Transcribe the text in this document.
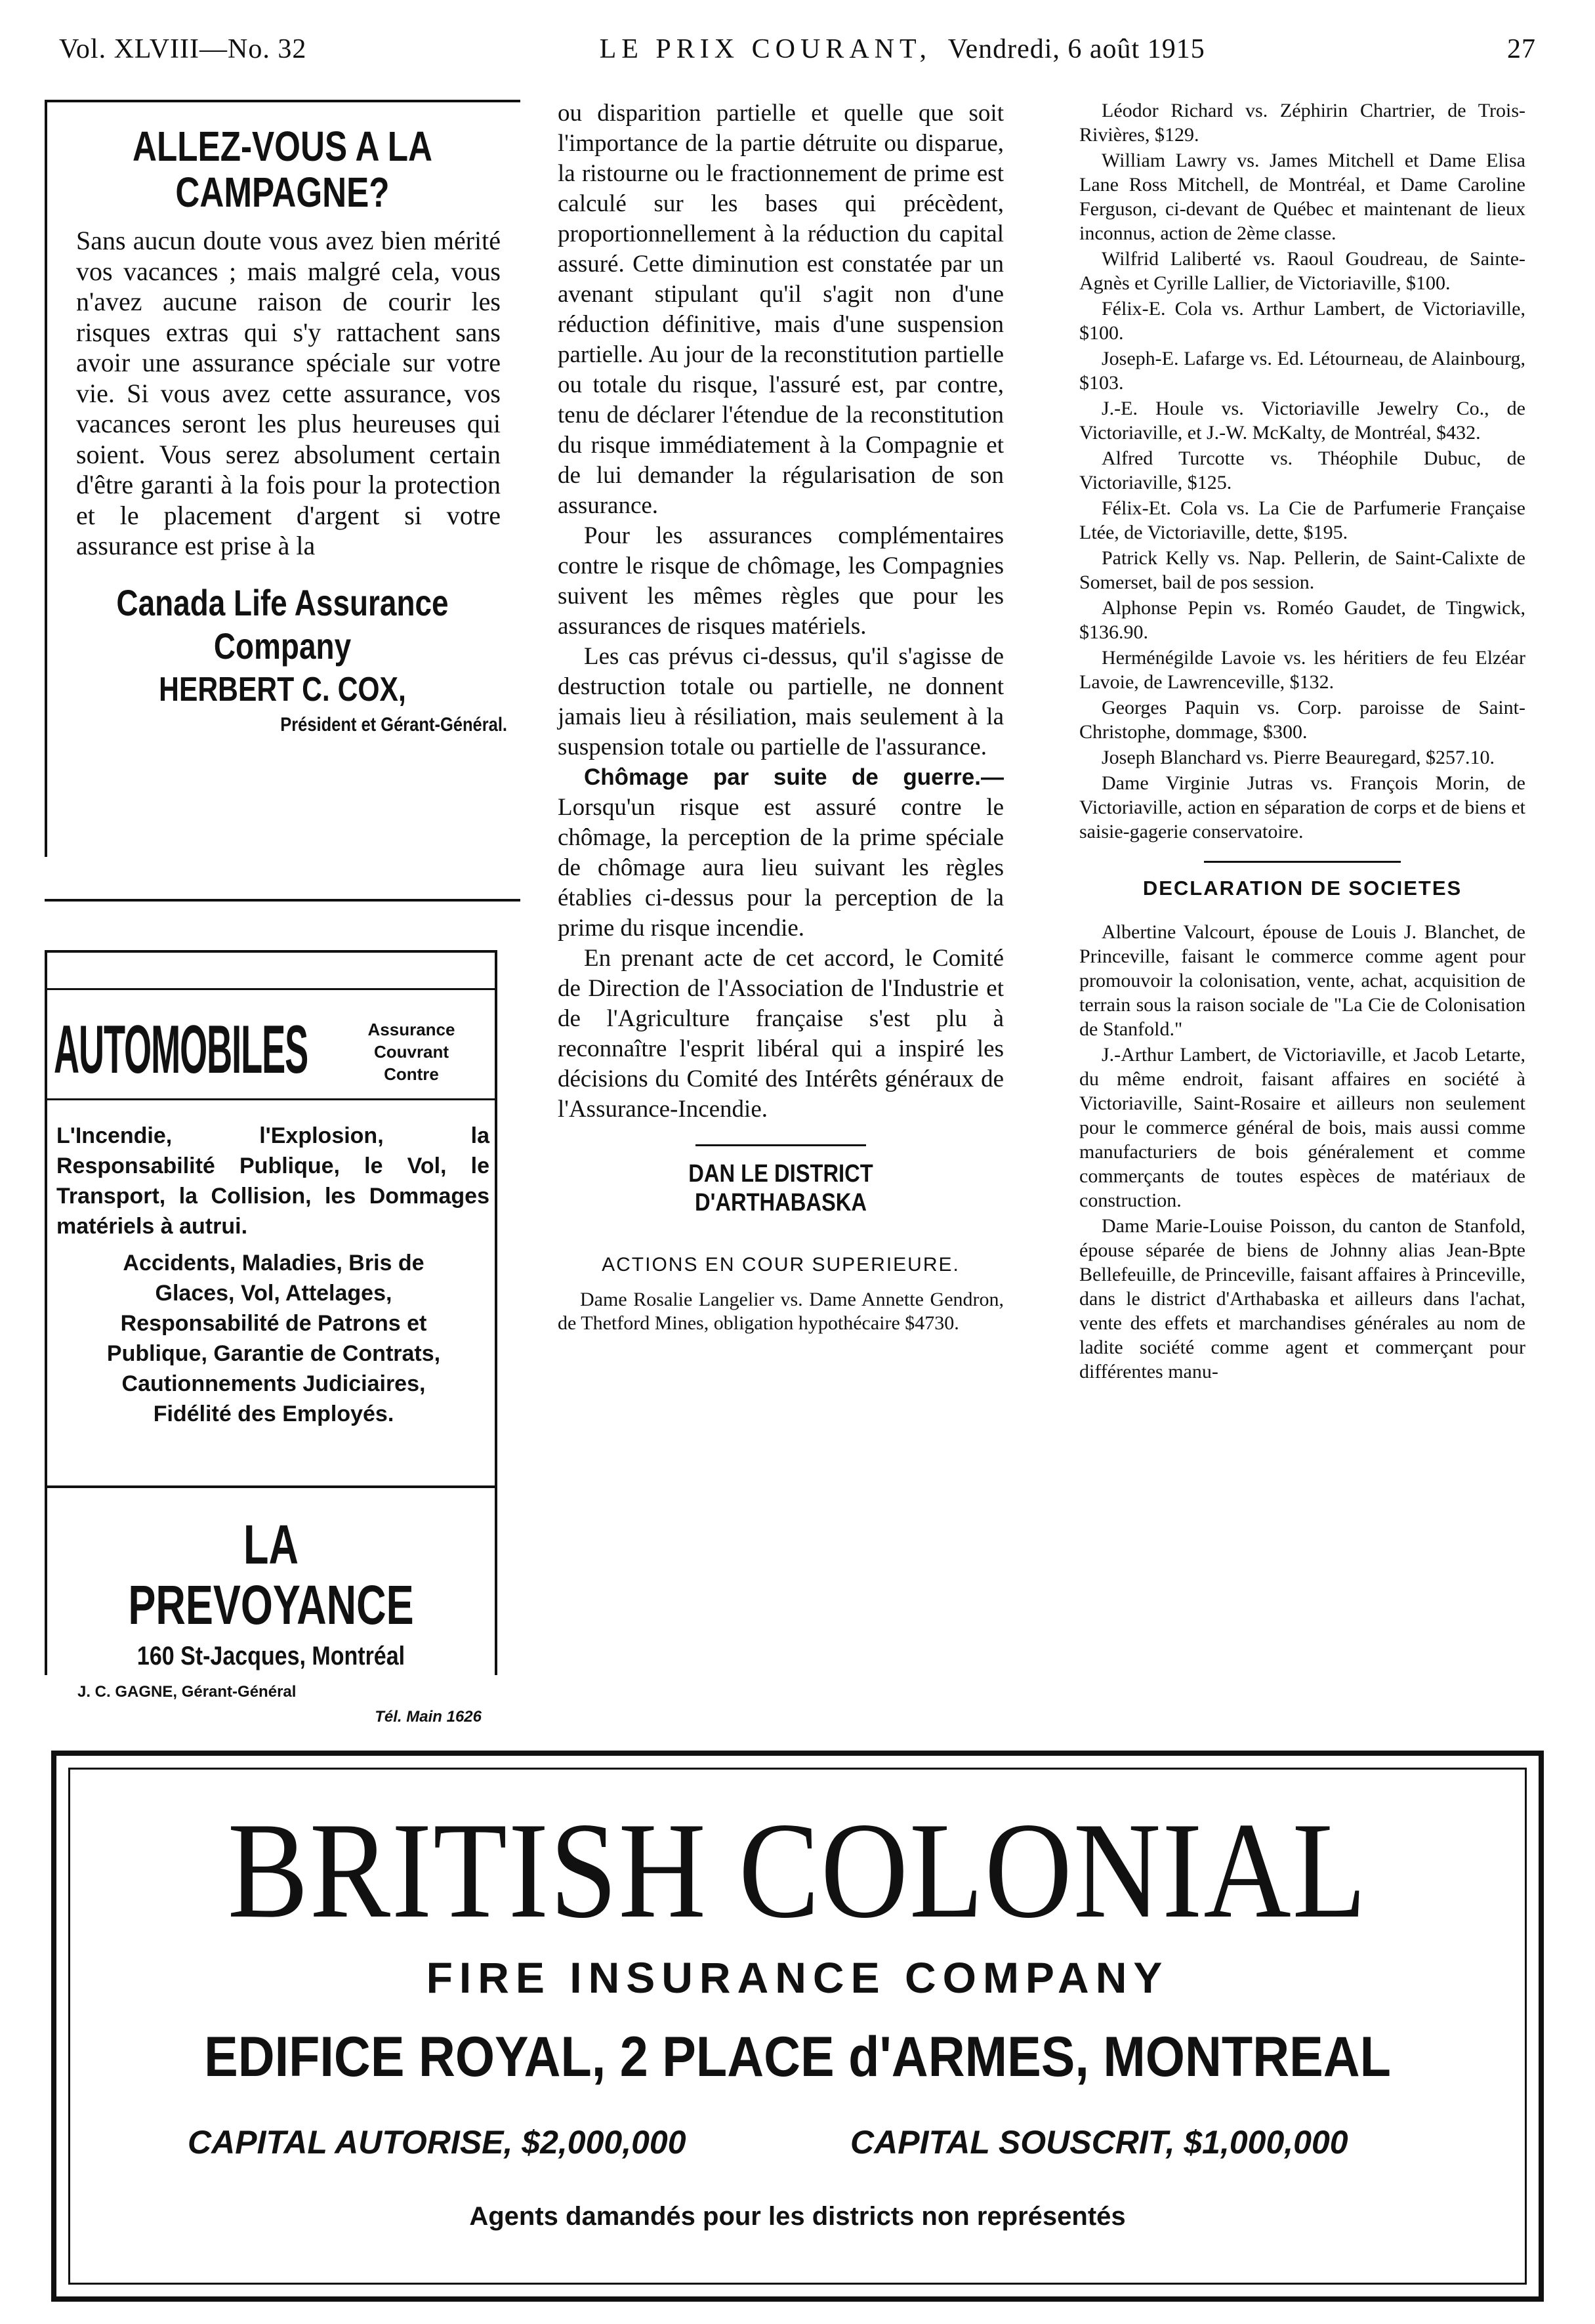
Vol. XLVIII—No. 32	LE PRIX COURANT, Vendredi, 6 août 1915	27
ALLEZ-VOUS A LA CAMPAGNE?
Sans aucun doute vous avez bien mérité vos vacances ; mais malgré cela, vous n'avez aucune raison de courir les risques extras qui s'y rattachent sans avoir une assurance spéciale sur votre vie. Si vous avez cette assurance, vos vacances seront les plus heureuses qui soient. Vous serez absolument certain d'être garanti à la fois pour la protection et le placement d'argent si votre assurance est prise à la
Canada Life Assurance Company
HERBERT C. COX,
Président et Gérant-Général.
AUTOMOBILES	Assurance
Couvrant
Contre
L'Incendie, l'Explosion, la Responsabilité Publique, le Vol, le Transport, la Collision, les Dommages matériels à autrui.
Accidents, Maladies, Bris de Glaces, Vol, Attelages, Responsabilité de Patrons et Publique, Garantie de Contrats, Cautionnements Judiciaires, Fidélité des Employés.
LA PREVOYANCE
160 St-Jacques, Montréal
J. C. GAGNE, Gérant-Général
Tél. Main 1626

ou disparition partielle et quelle que soit l'importance de la partie détruite ou disparue, la ristourne ou le fractionnement de prime est calculé sur les bases qui précèdent, proportionnellement à la réduction du capital assuré. Cette diminution est constatée par un avenant stipulant qu'il s'agit non d'une réduction définitive, mais d'une suspension partielle. Au jour de la reconstitution partielle ou totale du risque, l'assuré est, par contre, tenu de déclarer l'étendue de la reconstitution du risque immédiatement à la Compagnie et de lui demander la régularisation de son assurance.

Pour les assurances complémentaires contre le risque de chômage, les Compagnies suivent les mêmes règles que pour les assurances de risques matériels.

Les cas prévus ci-dessus, qu'il s'agisse de destruction totale ou partielle, ne donnent jamais lieu à résiliation, mais seulement à la suspension totale ou partielle de l'assurance.

Chômage par suite de guerre.— Lorsqu'un risque est assuré contre le chômage, la perception de la prime spéciale de chômage aura lieu suivant les règles établies ci-dessus pour la perception de la prime du risque incendie.

En prenant acte de cet accord, le Comité de Direction de l'Association de l'Industrie et de l'Agriculture française s'est plu à reconnaître l'esprit libéral qui a inspiré les décisions du Comité des Intérêts généraux de l'Assurance-Incendie.

DAN LE DISTRICT D'ARTHABASKA
ACTIONS EN COUR SUPERIEURE.
Dame Rosalie Langelier vs. Dame Annette Gendron, de Thetford Mines, obligation hypothécaire $4730.

Léodor Richard vs. Zéphirin Chartrier, de Trois-Rivières, $129.

William Lawry vs. James Mitchell et Dame Elisa Lane Ross Mitchell, de Montréal, et Dame Caroline Ferguson, ci-devant de Québec et maintenant de lieux inconnus, action de 2ème classe.

Wilfrid Laliberté vs. Raoul Goudreau, de Sainte-Agnès et Cyrille Lallier, de Victoriaville, $100.

Félix-E. Cola vs. Arthur Lambert, de Victoriaville, $100.

Joseph-E. Lafarge vs. Ed. Létourneau, de Alainbourg, $103.

J.-E. Houle vs. Victoriaville Jewelry Co., de Victoriaville, et J.-W. McKalty, de Montréal, $432.

Alfred Turcotte vs. Théophile Dubuc, de Victoriaville, $125.

Félix-Et. Cola vs. La Cie de Parfumerie Française Ltée, de Victoriaville, dette, $195.

Patrick Kelly vs. Nap. Pellerin, de Saint-Calixte de Somerset, bail de pos session.

Alphonse Pepin vs. Roméo Gaudet, de Tingwick, $136.90.

Herménégilde Lavoie vs. les héritiers de feu Elzéar Lavoie, de Lawrenceville, $132.

Georges Paquin vs. Corp. paroisse de Saint-Christophe, dommage, $300.

Joseph Blanchard vs. Pierre Beauregard, $257.10.

Dame Virginie Jutras vs. François Morin, de Victoriaville, action en séparation de corps et de biens et saisie-gagerie conservatoire.

DECLARATION DE SOCIETES

Albertine Valcourt, épouse de Louis J. Blanchet, de Princeville, faisant le commerce comme agent pour promouvoir la colonisation, vente, achat, acquisition de terrain sous la raison sociale de "La Cie de Colonisation de Stanfold."

J.-Arthur Lambert, de Victoriaville, et Jacob Letarte, du même endroit, faisant affaires en société à Victoriaville, Saint-Rosaire et ailleurs non seulement pour le commerce général de bois, mais aussi comme manufacturiers de bois généralement et comme commerçants de toutes espèces de matériaux de construction.

Dame Marie-Louise Poisson, du canton de Stanfold, épouse séparée de biens de Johnny alias Jean-Bpte Bellefeuille, de Princeville, faisant affaires à Princeville, dans le district d'Arthabaska et ailleurs dans l'achat, vente des effets et marchandises générales au nom de ladite société comme agent et commerçant pour différentes manu-

BRITISH COLONIAL
FIRE INSURANCE COMPANY
EDIFICE ROYAL, 2 PLACE d'ARMES, MONTREAL
CAPITAL AUTORISE, $2,000,000	CAPITAL SOUSCRIT, $1,000,000
Agents damandés pour les districts non représentés
